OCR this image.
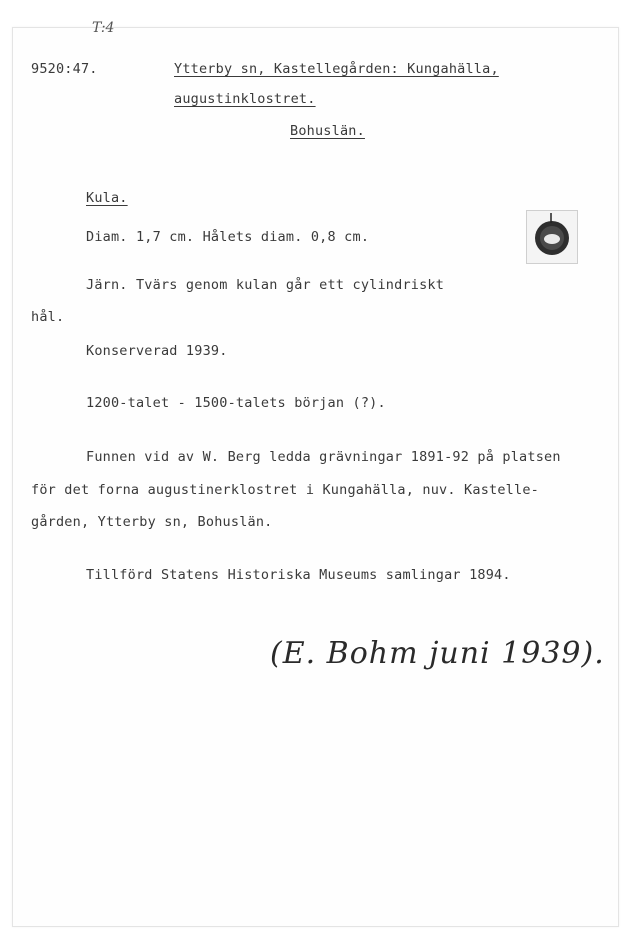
T:4
9520:47.	Ytterby sn, Kastellegården: Kungahälla,
augustinklostret.
Bohuslän.
Kula.
Diam. 1,7 cm. Hålets diam. 0,8 cm.
Järn. Tvärs genom kulan går ett cylindriskt
hål.
Konserverad 1939.
1200-talet - 1500-talets början (?).
Funnen vid av W. Berg ledda grävningar 1891-92 på platsen
för det forna augustinerklostret i Kungahälla, nuv. Kastelle-
gården, Ytterby sn, Bohuslän.
Tillförd Statens Historiska Museums samlingar 1894.
(E. Bohm juni 1939).
